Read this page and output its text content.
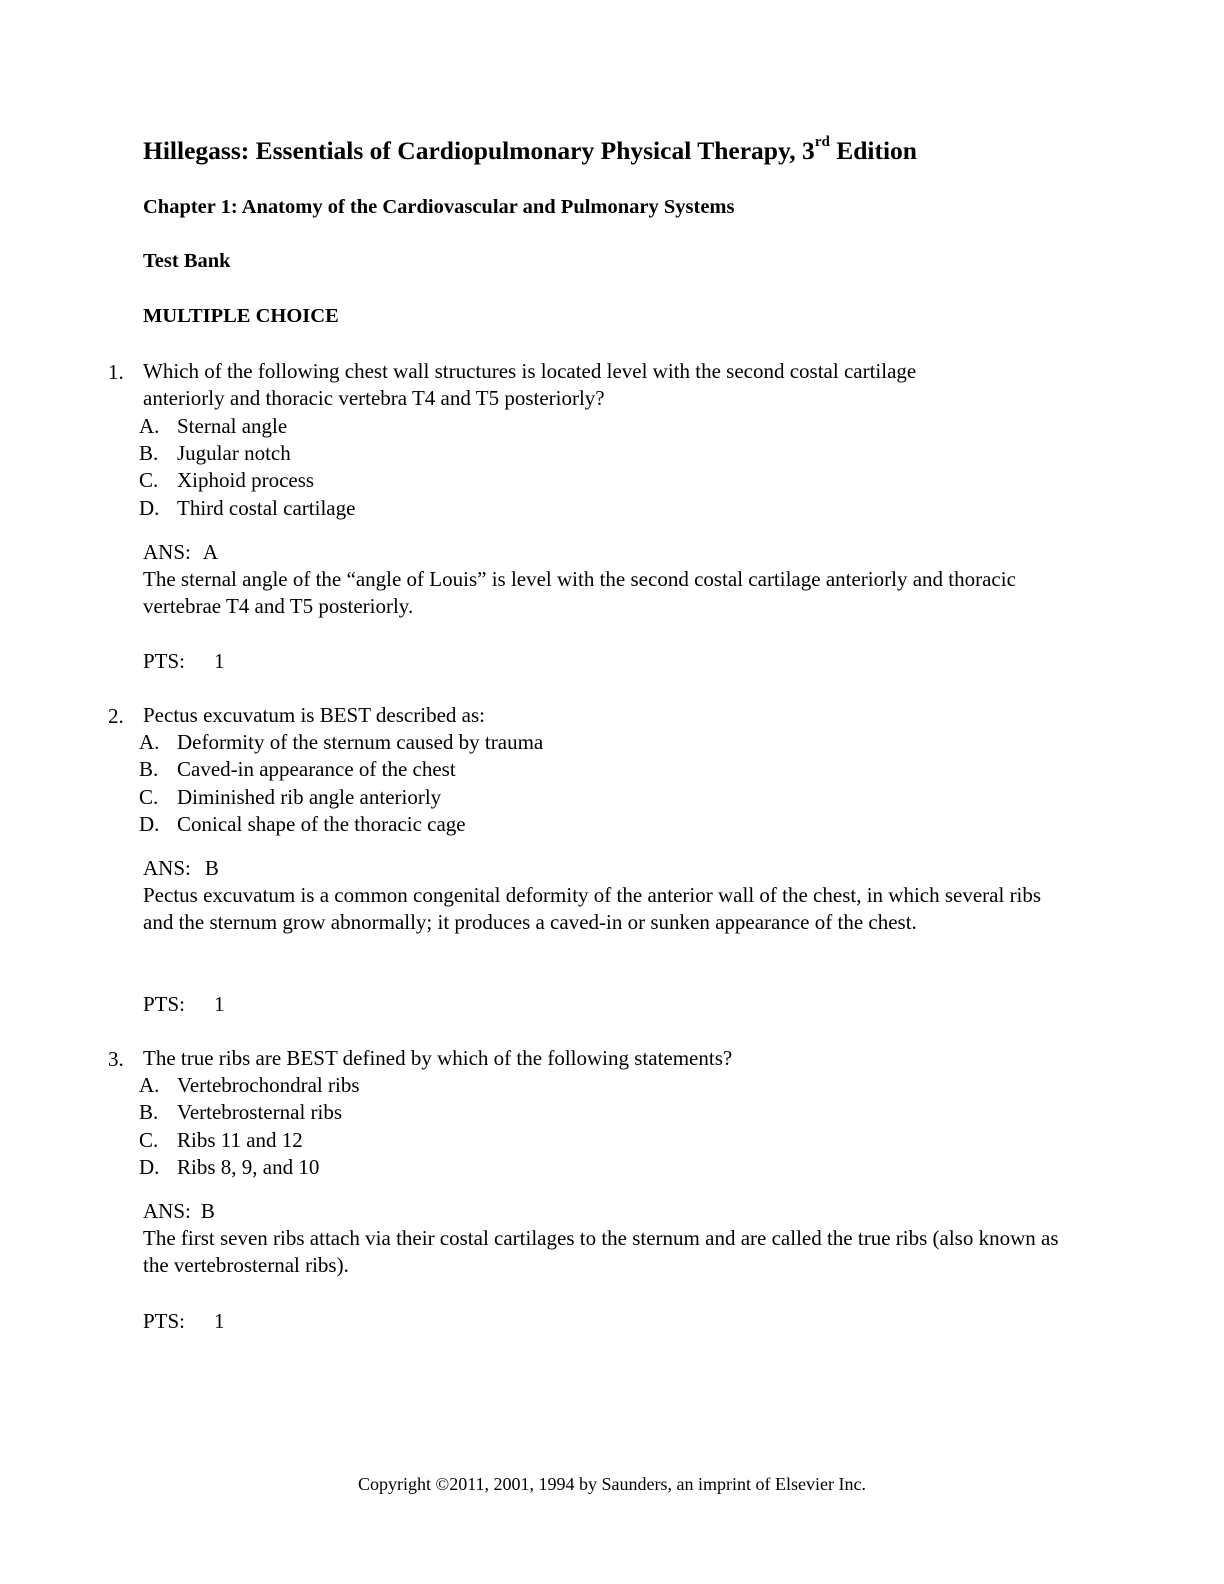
Hillegass: Essentials of Cardiopulmonary Physical Therapy, 3rd Edition
Chapter 1: Anatomy of the Cardiovascular and Pulmonary Systems
Test Bank
MULTIPLE CHOICE
1. Which of the following chest wall structures is located level with the second costal cartilage
anteriorly and thoracic vertebra T4 and T5 posteriorly?
A. Sternal angle
B. Jugular notch
C. Xiphoid process
D. Third costal cartilage
ANS: A
The sternal angle of the “angle of Louis” is level with the second costal cartilage anteriorly and thoracic vertebrae T4 and T5 posteriorly.
PTS: 1
2. Pectus excuvatum is BEST described as:
A. Deformity of the sternum caused by trauma
B. Caved-in appearance of the chest
C. Diminished rib angle anteriorly
D. Conical shape of the thoracic cage
ANS: B
Pectus excuvatum is a common congenital deformity of the anterior wall of the chest, in which several ribs and the sternum grow abnormally; it produces a caved-in or sunken appearance of the chest.
PTS: 1
3. The true ribs are BEST defined by which of the following statements?
A. Vertebrochondral ribs
B. Vertebrosternal ribs
C. Ribs 11 and 12
D. Ribs 8, 9, and 10
ANS: B
The first seven ribs attach via their costal cartilages to the sternum and are called the true ribs (also known as the vertebrosternal ribs).
PTS: 1
Copyright ©2011, 2001, 1994 by Saunders, an imprint of Elsevier Inc.
